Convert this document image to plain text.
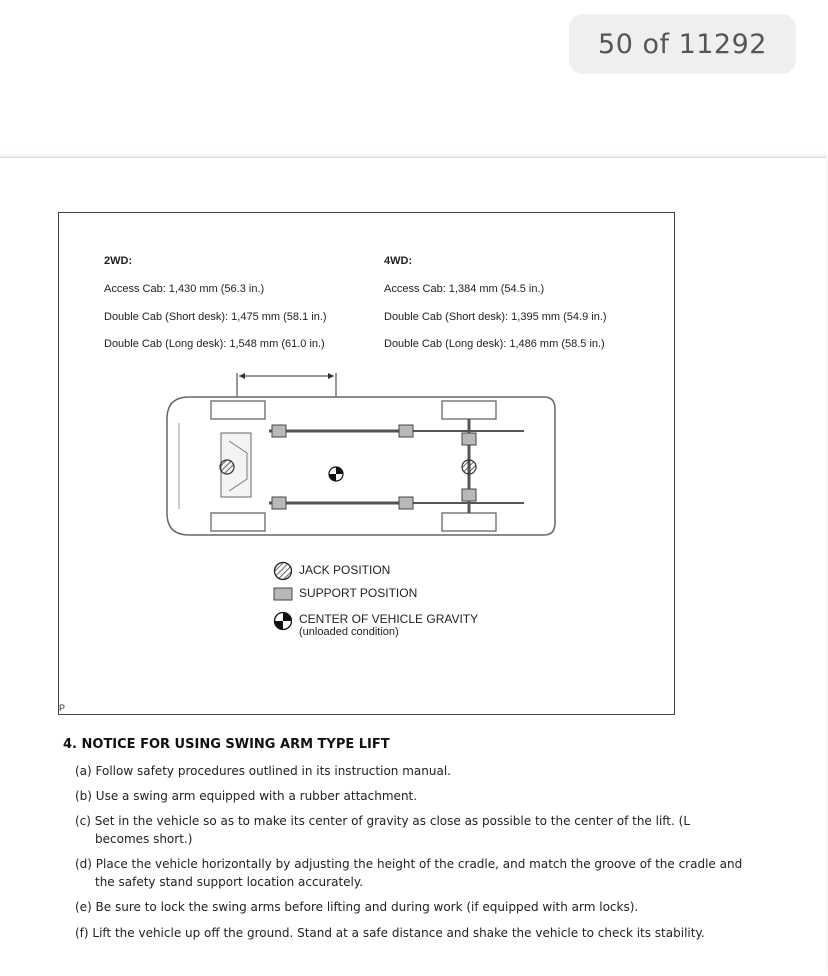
50 of 11292
2WD:
Access Cab: 1,430 mm (56.3 in.)
Double Cab (Short desk): 1,475 mm (58.1 in.)
Double Cab (Long desk): 1,548 mm (61.0 in.)
4WD:
Access Cab: 1,384 mm (54.5 in.)
Double Cab (Short desk): 1,395 mm (54.9 in.)
Double Cab (Long desk): 1,486 mm (58.5 in.)
JACK POSITION
SUPPORT POSITION
CENTER OF VEHICLE GRAVITY
(unloaded condition)
P
4. NOTICE FOR USING SWING ARM TYPE LIFT
(a) Follow safety procedures outlined in its instruction manual.
(b) Use a swing arm equipped with a rubber attachment.
(c) Set in the vehicle so as to make its center of gravity as close as possible to the center of the lift. (L
becomes short.)
(d) Place the vehicle horizontally by adjusting the height of the cradle, and match the groove of the cradle and
the safety stand support location accurately.
(e) Be sure to lock the swing arms before lifting and during work (if equipped with arm locks).
(f) Lift the vehicle up off the ground. Stand at a safe distance and shake the vehicle to check its stability.
